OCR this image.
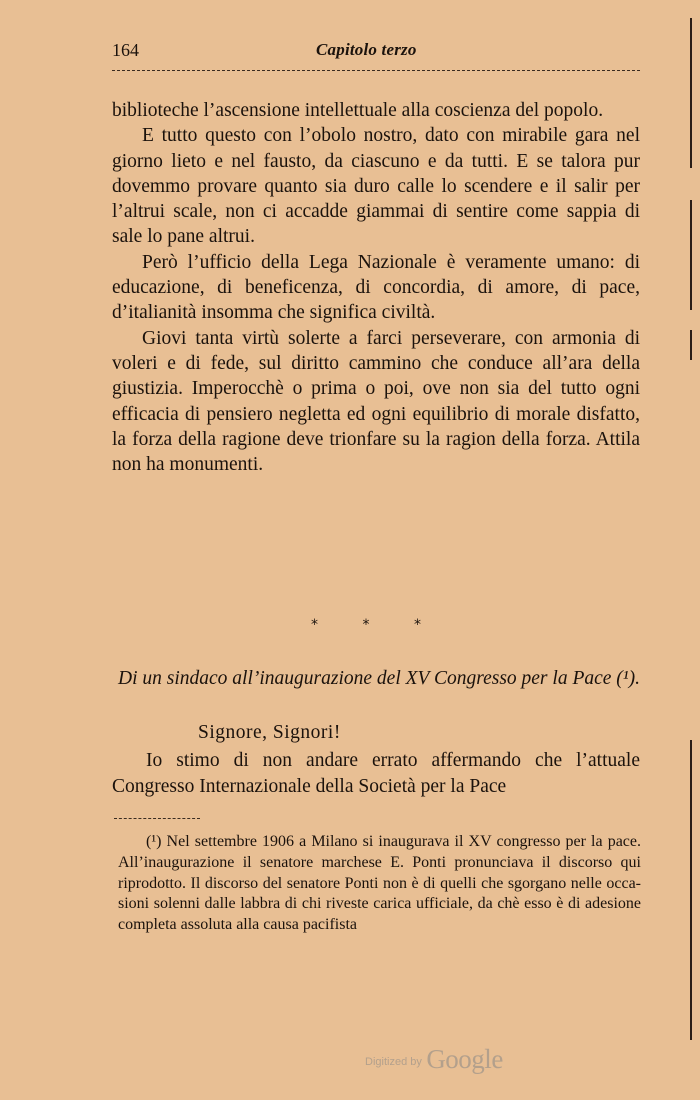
164	Capitolo terzo

biblioteche l’ascensione intellettuale alla coscienza del popolo.

E tutto questo con l’obolo nostro, dato con mirabile gara nel giorno lieto e nel fausto, da ciascuno e da tutti. E se talora pur dovemmo provare quanto sia duro calle lo scendere e il salir per l’altrui scale, non ci accadde giammai di sentire come sappia di sale lo pane altrui.

Però l’ufficio della Lega Nazionale è veramente umano: di educazione, di beneficenza, di concordia, di amore, di pace, d’italianità insomma che significa civiltà.

Giovi tanta virtù solerte a farci perseverare, con armonia di voleri e di fede, sul diritto cammino che conduce all’ara della giustizia. Imperocchè o prima o poi, ove non sia del tutto ogni efficacia di pensiero negletta ed ogni equilibrio di morale disfatto, la forza della ragione deve trionfare su la ragion della forza. Attila non ha monumenti.

* * *
Di un sindaco all’inaugurazione del XV Congresso per la Pace (¹).
Signore, Signori!
Io stimo di non andare errato affermando che l’attuale Congresso Internazionale della Società per la Pace
(¹) Nel settembre 1906 a Milano si inaugurava il XV congresso per la pace. All’inaugurazione il senatore marchese E. Ponti pronunciava il discorso qui riprodotto. Il discorso del senatore Ponti non è di quelli che sgorgano nelle occasioni solenni dalle labbra di chi riveste carica ufficiale, da chè esso è di adesione completa assoluta alla causa pacifista
Digitized by Google
